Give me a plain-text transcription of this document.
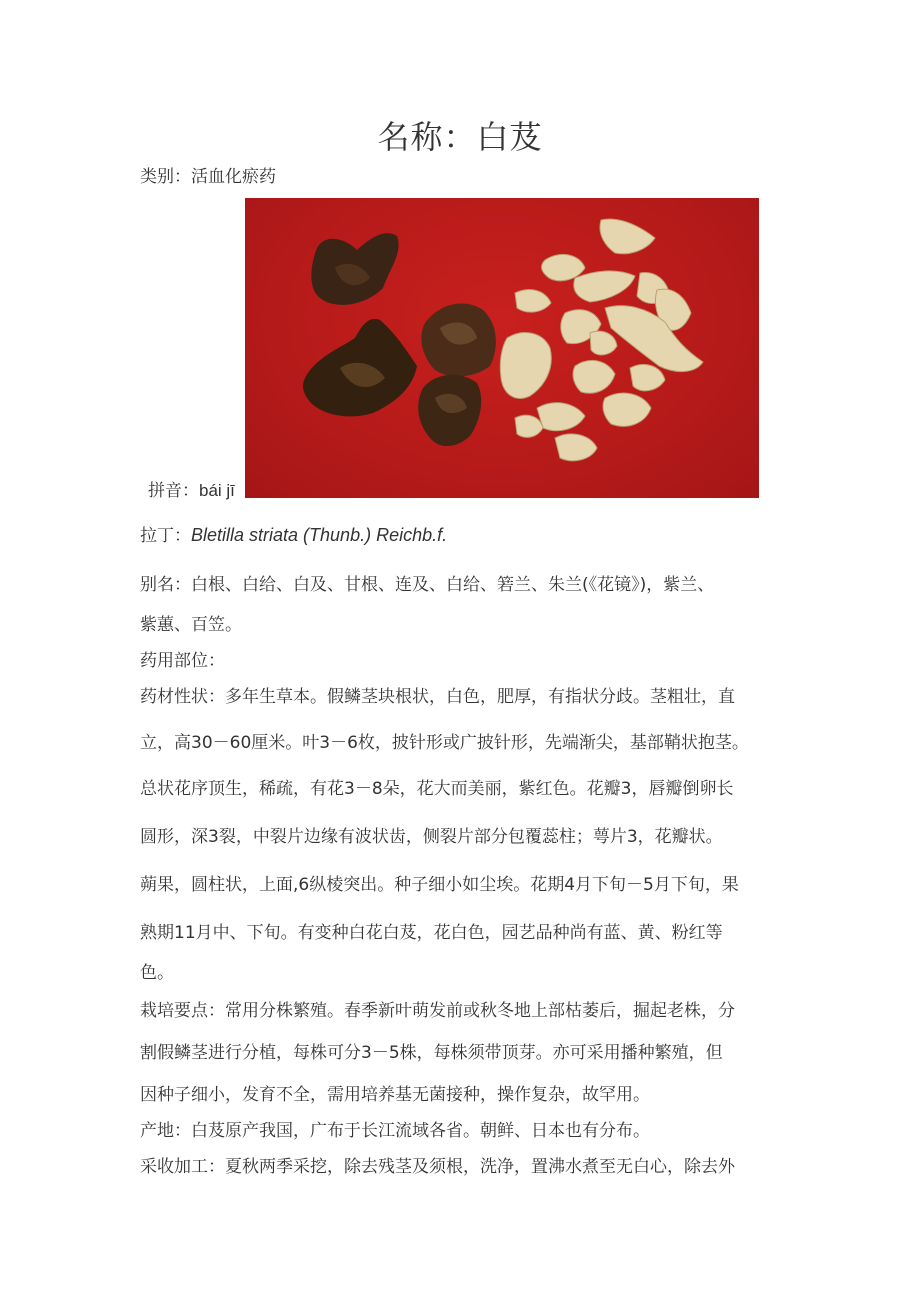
名称：白芨
类别：活血化瘀药
拼音：bái jī
拉丁：Bletilla striata (Thunb.) Reichb.f.
别名：白根、白给、白及、甘根、连及、白给、箬兰、朱兰(《花镜》)，紫兰、
紫蕙、百笠。
药用部位：
药材性状：多年生草本。假鳞茎块根状，白色，肥厚，有指状分歧。茎粗壮，直
立，高30－60厘米。叶3－6枚，披针形或广披针形，先端渐尖，基部鞘状抱茎。
总状花序顶生，稀疏，有花3－8朵，花大而美丽，紫红色。花瓣3，唇瓣倒卵长
圆形，深3裂，中裂片边缘有波状齿，侧裂片部分包覆蕊柱；萼片3，花瓣状。
蒴果，圆柱状，上面,6纵棱突出。种子细小如尘埃。花期4月下旬－5月下旬，果
熟期11月中、下旬。有变种白花白芨，花白色，园艺品种尚有蓝、黄、粉红等
色。
栽培要点：常用分株繁殖。春季新叶萌发前或秋冬地上部枯萎后，掘起老株，分
割假鳞茎进行分植，每株可分3－5株，每株须带顶芽。亦可采用播种繁殖，但
因种子细小，发育不全，需用培养基无菌接种，操作复杂，故罕用。
产地：白芨原产我国，广布于长江流域各省。朝鲜、日本也有分布。
采收加工：夏秋两季采挖，除去残茎及须根，洗净，置沸水煮至无白心，除去外
